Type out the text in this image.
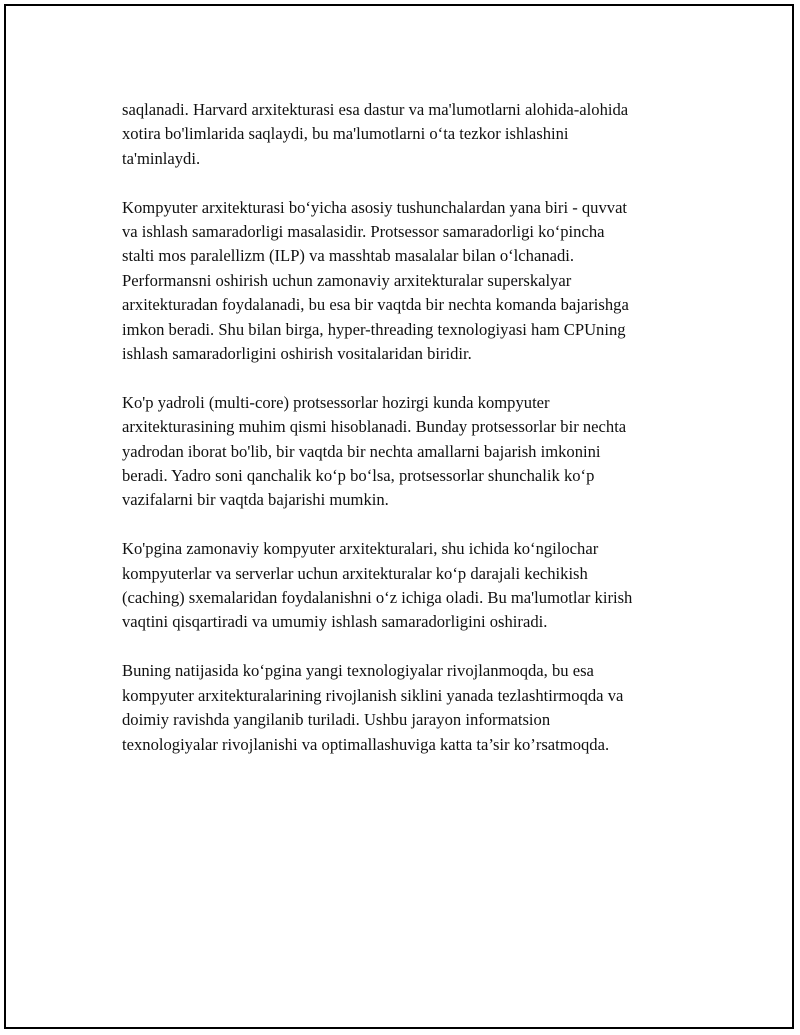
saqlanadi. Harvard arxitekturasi esa dastur va ma'lumotlarni alohida-alohida
xotira bo'limlarida saqlaydi, bu ma'lumotlarni o‘ta tezkor ishlashini
ta'minlaydi.

Kompyuter arxitekturasi bo‘yicha asosiy tushunchalardan yana biri - quvvat
va ishlash samaradorligi masalasidir. Protsessor samaradorligi ko‘pincha
stalti mos paralellizm (ILP) va masshtab masalalar bilan o‘lchanadi.
Performansni oshirish uchun zamonaviy arxitekturalar superskalyar
arxitekturadan foydalanadi, bu esa bir vaqtda bir nechta komanda bajarishga
imkon beradi. Shu bilan birga, hyper-threading texnologiyasi ham CPUning
ishlash samaradorligini oshirish vositalaridan biridir.

Ko'p yadroli (multi-core) protsessorlar hozirgi kunda kompyuter
arxitekturasining muhim qismi hisoblanadi. Bunday protsessorlar bir nechta
yadrodan iborat bo'lib, bir vaqtda bir nechta amallarni bajarish imkonini
beradi. Yadro soni qanchalik ko‘p bo‘lsa, protsessorlar shunchalik ko‘p
vazifalarni bir vaqtda bajarishi mumkin.

Ko'pgina zamonaviy kompyuter arxitekturalari, shu ichida ko‘ngilochar
kompyuterlar va serverlar uchun arxitekturalar ko‘p darajali kechikish
(caching) sxemalaridan foydalanishni o‘z ichiga oladi. Bu ma'lumotlar kirish
vaqtini qisqartiradi va umumiy ishlash samaradorligini oshiradi.

Buning natijasida ko‘pgina yangi texnologiyalar rivojlanmoqda, bu esa
kompyuter arxitekturalarining rivojlanish siklini yanada tezlashtirmoqda va
doimiy ravishda yangilanib turiladi. Ushbu jarayon informatsion
texnologiyalar rivojlanishi va optimallashuviga katta ta’sir ko’rsatmoqda.
